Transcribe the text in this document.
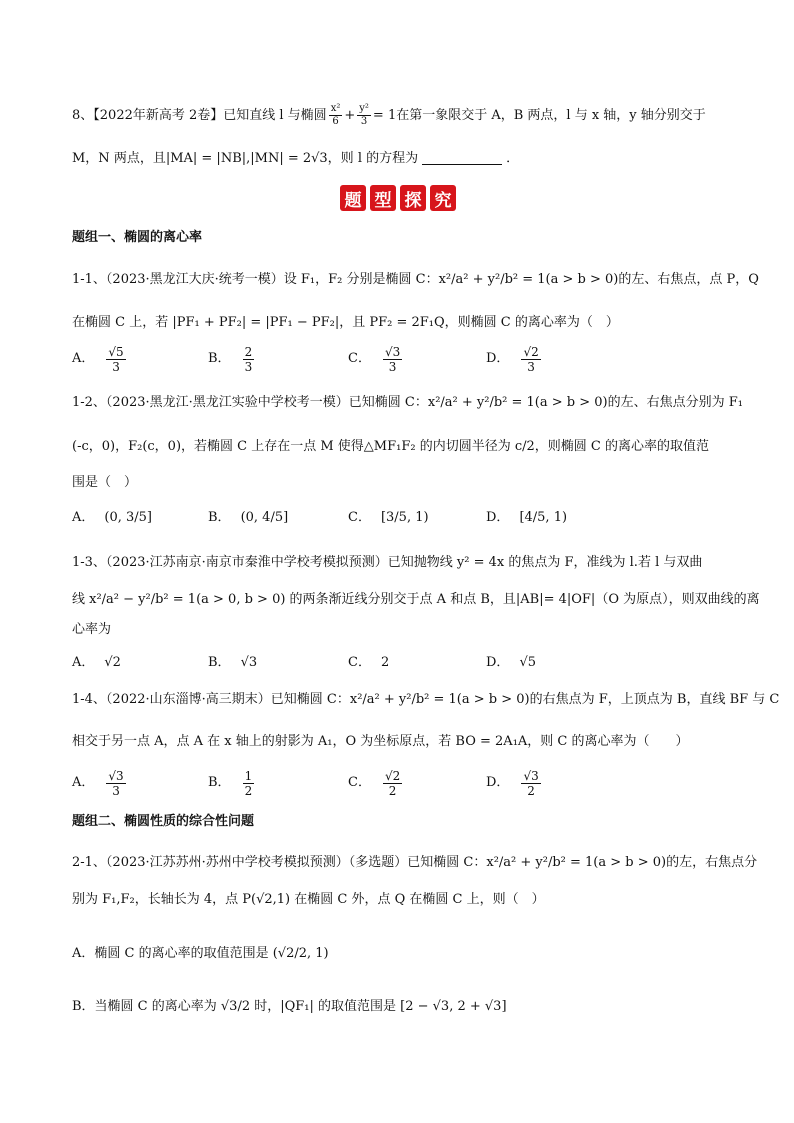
8、【2022年新高考 2卷】已知直线 l 与椭圆 $\frac{\text{x²}}{6} + \frac{\text{y²}}{3} = 1$在第一象限交于 A，B 两点，l 与 x 轴，y 轴分别交于
M，N 两点，且|MA| = |NB|,|MN| = 2√3，则 l 的方程为	．
题 型 探 究
题组一、椭圆的离心率
1-1、（2023·黑龙江大庆·统考一模）设 F₁，F₂ 分别是椭圆 C：x²/a² + y²/b² = 1(a > b > 0)的左、右焦点，点 P，Q
在椭圆 C 上，若 |PF₁ + PF₂| = |PF₁ − PF₂|，且 PF₂ = 2F₁Q，则椭圆 C 的离心率为（　）
A． $\frac{√5}{3}$	B． $\frac{2}{3}$	C． $\frac{√3}{3}$	D． $\frac{√2}{3}$
1-2、（2023·黑龙江·黑龙江实验中学校考一模）已知椭圆 C：x²/a² + y²/b² = 1(a > b > 0)的左、右焦点分别为 F₁
(-c，0)，F₂(c，0)，若椭圆 C 上存在一点 M 使得△MF₁F₂ 的内切圆半径为 c/2，则椭圆 C 的离心率的取值范
围是（　）
A． (0, 3/5]	B． (0, 4/5]	C． [3/5, 1)	D． [4/5, 1)
1-3、（2023·江苏南京·南京市秦淮中学校考模拟预测）已知抛物线 y² = 4x 的焦点为 F，准线为 l.若 l 与双曲
线 x²/a² − y²/b² = 1(a > 0, b > 0) 的两条渐近线分别交于点 A 和点 B，且|AB|= 4|OF|（O 为原点），则双曲线的离
心率为
A． √2	B． √3	C． 2	D． √5
1-4、（2022·山东淄博·高三期末）已知椭圆 C：x²/a² + y²/b² = 1(a > b > 0)的右焦点为 F，上顶点为 B，直线 BF 与 C
相交于另一点 A，点 A 在 x 轴上的射影为 A₁，O 为坐标原点，若 BO = 2A₁A，则 C 的离心率为（　　）
A． $\frac{√3}{3}$	B． $\frac{1}{2}$	C． $\frac{√2}{2}$	D． $\frac{√3}{2}$
题组二、椭圆性质的综合性问题
2-1、（2023·江苏苏州·苏州中学校考模拟预测）（多选题）已知椭圆 C：x²/a² + y²/b² = 1(a > b > 0)的左，右焦点分
别为 F₁,F₂，长轴长为 4，点 P(√2,1) 在椭圆 C 外，点 Q 在椭圆 C 上，则（　）
A．椭圆 C 的离心率的取值范围是 (√2/2, 1)
B．当椭圆 C 的离心率为 √3/2 时，|QF₁| 的取值范围是 [2 − √3, 2 + √3]
